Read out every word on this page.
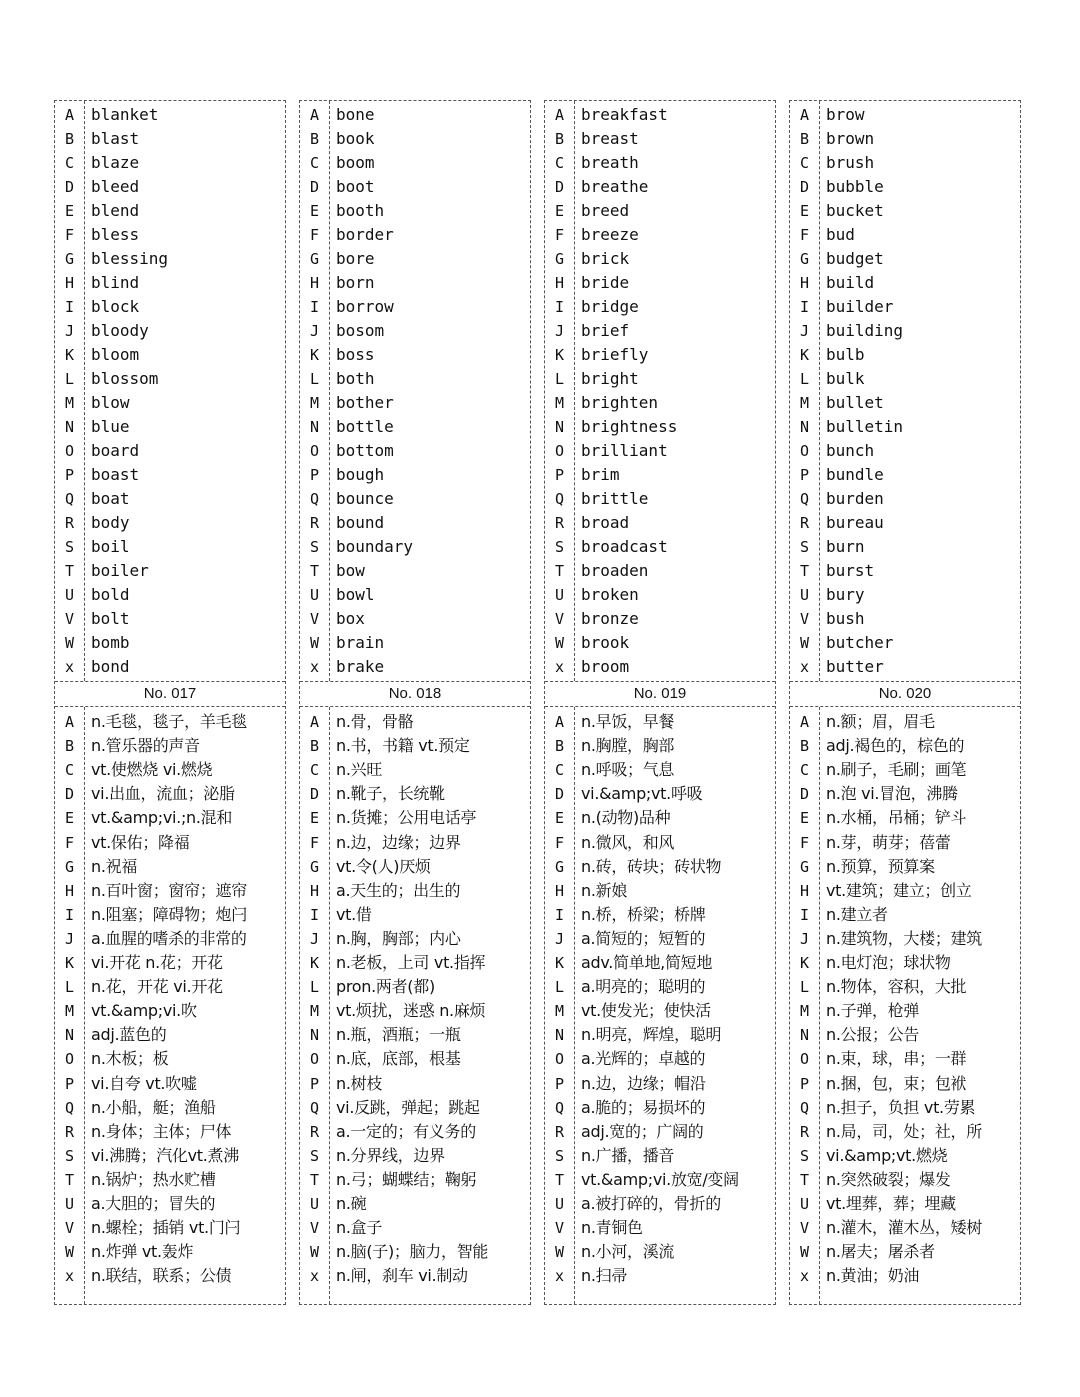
A	blanket
B	blast
C	blaze
D	bleed
E	blend
F	bless
G	blessing
H	blind
I	block
J	bloody
K	bloom
L	blossom
M	blow
N	blue
O	board
P	boast
Q	boat
R	body
S	boil
T	boiler
U	bold
V	bolt
W	bomb
x	bond
No. 017
A	n.毛毯，毯子，羊毛毯
B	n.管乐器的声音
C	vt.使燃烧 vi.燃烧
D	vi.出血，流血；泌脂
E	vt.&amp;vi.;n.混和
F	vt.保佑；降福
G	n.祝福
H	n.百叶窗；窗帘；遮帘
I	n.阻塞；障碍物；炮闩
J	a.血腥的嗜杀的非常的
K	vi.开花 n.花；开花
L	n.花，开花 vi.开花
M	vt.&amp;vi.吹
N	adj.蓝色的
O	n.木板；板
P	vi.自夸 vt.吹嘘
Q	n.小船，艇；渔船
R	n.身体；主体；尸体
S	vi.沸腾；汽化vt.煮沸
T	n.锅炉；热水贮槽
U	a.大胆的；冒失的
V	n.螺栓；插销 vt.门闩
W	n.炸弹 vt.轰炸
x	n.联结，联系；公债
A	bone
B	book
C	boom
D	boot
E	booth
F	border
G	bore
H	born
I	borrow
J	bosom
K	boss
L	both
M	bother
N	bottle
O	bottom
P	bough
Q	bounce
R	bound
S	boundary
T	bow
U	bowl
V	box
W	brain
x	brake
No. 018
A	n.骨，骨骼
B	n.书，书籍 vt.预定
C	n.兴旺
D	n.靴子，长统靴
E	n.货摊；公用电话亭
F	n.边，边缘；边界
G	vt.令(人)厌烦
H	a.天生的；出生的
I	vt.借
J	n.胸，胸部；内心
K	n.老板，上司 vt.指挥
L	pron.两者(都)
M	vt.烦扰，迷惑 n.麻烦
N	n.瓶，酒瓶；一瓶
O	n.底，底部，根基
P	n.树枝
Q	vi.反跳，弹起；跳起
R	a.一定的；有义务的
S	n.分界线，边界
T	n.弓；蝴蝶结；鞠躬
U	n.碗
V	n.盒子
W	n.脑(子)；脑力，智能
x	n.闸，刹车 vi.制动
A	breakfast
B	breast
C	breath
D	breathe
E	breed
F	breeze
G	brick
H	bride
I	bridge
J	brief
K	briefly
L	bright
M	brighten
N	brightness
O	brilliant
P	brim
Q	brittle
R	broad
S	broadcast
T	broaden
U	broken
V	bronze
W	brook
x	broom
No. 019
A	n.早饭，早餐
B	n.胸膛，胸部
C	n.呼吸；气息
D	vi.&amp;vt.呼吸
E	n.(动物)品种
F	n.微风，和风
G	n.砖，砖块；砖状物
H	n.新娘
I	n.桥，桥梁；桥牌
J	a.简短的；短暂的
K	adv.简单地,简短地
L	a.明亮的；聪明的
M	vt.使发光；使快活
N	n.明亮，辉煌，聪明
O	a.光辉的；卓越的
P	n.边，边缘；帽沿
Q	a.脆的；易损坏的
R	adj.宽的；广阔的
S	n.广播，播音
T	vt.&amp;vi.放宽/变阔
U	a.被打碎的，骨折的
V	n.青铜色
W	n.小河，溪流
x	n.扫帚
A	brow
B	brown
C	brush
D	bubble
E	bucket
F	bud
G	budget
H	build
I	builder
J	building
K	bulb
L	bulk
M	bullet
N	bulletin
O	bunch
P	bundle
Q	burden
R	bureau
S	burn
T	burst
U	bury
V	bush
W	butcher
x	butter
No. 020
A	n.额；眉，眉毛
B	adj.褐色的，棕色的
C	n.刷子，毛刷；画笔
D	n.泡 vi.冒泡，沸腾
E	n.水桶，吊桶；铲斗
F	n.芽，萌芽；蓓蕾
G	n.预算，预算案
H	vt.建筑；建立；创立
I	n.建立者
J	n.建筑物，大楼；建筑
K	n.电灯泡；球状物
L	n.物体，容积，大批
M	n.子弹，枪弹
N	n.公报；公告
O	n.束，球，串；一群
P	n.捆，包，束；包袱
Q	n.担子，负担 vt.劳累
R	n.局，司，处；社，所
S	vi.&amp;vt.燃烧
T	n.突然破裂；爆发
U	vt.埋葬，葬；埋藏
V	n.灌木，灌木丛，矮树
W	n.屠夫；屠杀者
x	n.黄油；奶油
